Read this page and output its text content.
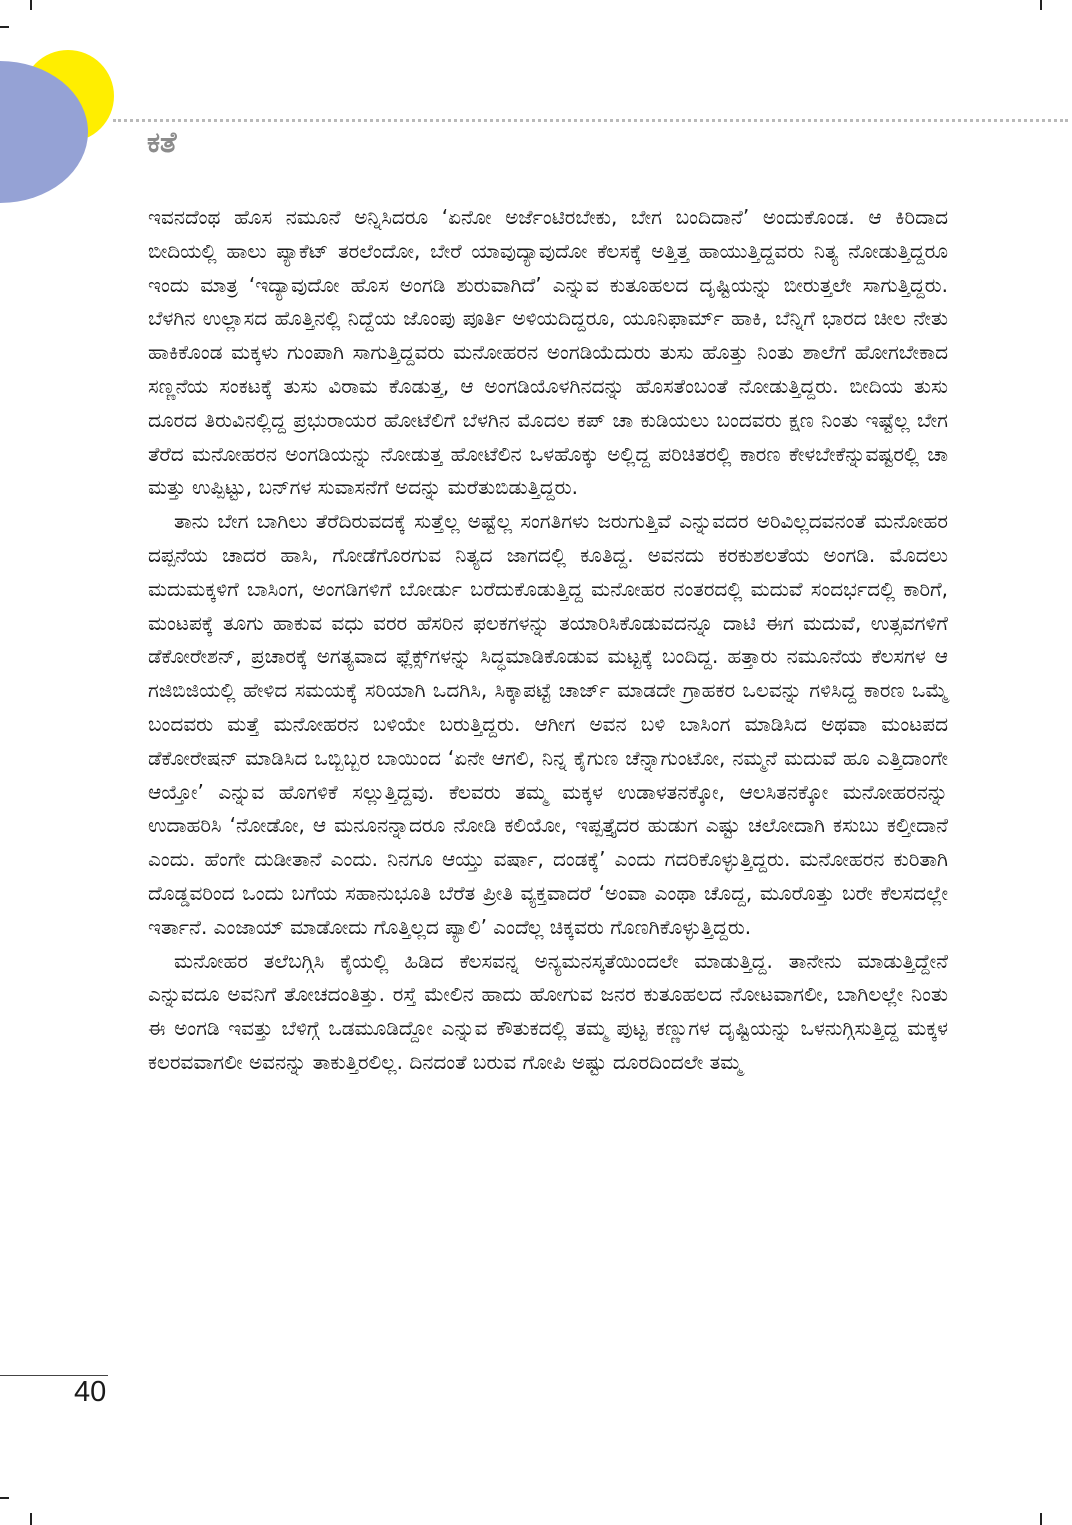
ಕತೆ

ಇವನದೆಂಥ ಹೊಸ ನಮೂನೆ ಅನ್ನಿಸಿದರೂ ‘ಏನೋ ಅರ್ಜೆಂಟಿರಬೇಕು, ಬೇಗ ಬಂದಿದಾನೆ’ ಅಂದುಕೊಂಡ. ಆ ಕಿರಿದಾದ ಬೀದಿಯಲ್ಲಿ ಹಾಲು ಪ್ಯಾಕೆಟ್ ತರಲೆಂದೋ, ಬೇರೆ ಯಾವುದ್ಯಾವುದೋ ಕೆಲಸಕ್ಕೆ ಅತ್ತಿತ್ತ ಹಾಯುತ್ತಿದ್ದವರು ನಿತ್ಯ ನೋಡುತ್ತಿದ್ದರೂ ಇಂದು ಮಾತ್ರ ‘ಇದ್ಯಾವುದೋ ಹೊಸ ಅಂಗಡಿ ಶುರುವಾಗಿದೆ’ ಎನ್ನುವ ಕುತೂಹಲದ ದೃಷ್ಟಿಯನ್ನು ಬೀರುತ್ತಲೇ ಸಾಗುತ್ತಿದ್ದರು. ಬೆಳಗಿನ ಉಲ್ಲಾಸದ ಹೊತ್ತಿನಲ್ಲಿ ನಿದ್ದೆಯ ಜೊಂಪು ಪೂರ್ತಿ ಅಳಿಯದಿದ್ದರೂ, ಯೂನಿಫಾರ್ಮ್ ಹಾಕಿ, ಬೆನ್ನಿಗೆ ಭಾರದ ಚೀಲ ನೇತು ಹಾಕಿಕೊಂಡ ಮಕ್ಕಳು ಗುಂಪಾಗಿ ಸಾಗುತ್ತಿದ್ದವರು ಮನೋಹರನ ಅಂಗಡಿಯೆದುರು ತುಸು ಹೊತ್ತು ನಿಂತು ಶಾಲೆಗೆ ಹೋಗಬೇಕಾದ ಸಣ್ಣನೆಯ ಸಂಕಟಕ್ಕೆ ತುಸು ವಿರಾಮ ಕೊಡುತ್ತ, ಆ ಅಂಗಡಿಯೊಳಗಿನದನ್ನು ಹೊಸತೆಂಬಂತೆ ನೋಡುತ್ತಿದ್ದರು. ಬೀದಿಯ ತುಸು ದೂರದ ತಿರುವಿನಲ್ಲಿದ್ದ ಪ್ರಭುರಾಯರ ಹೋಟೆಲಿಗೆ ಬೆಳಗಿನ ಮೊದಲ ಕಪ್ ಚಾ ಕುಡಿಯಲು ಬಂದವರು ಕ್ಷಣ ನಿಂತು ಇಷ್ಟೆಲ್ಲ ಬೇಗ ತೆರೆದ ಮನೋಹರನ ಅಂಗಡಿಯನ್ನು ನೋಡುತ್ತ ಹೋಟೆಲಿನ ಒಳಹೊಕ್ಕು ಅಲ್ಲಿದ್ದ ಪರಿಚಿತರಲ್ಲಿ ಕಾರಣ ಕೇಳಬೇಕೆನ್ನುವಷ್ಟರಲ್ಲಿ ಚಾ ಮತ್ತು ಉಪ್ಪಿಟ್ಟು, ಬನ್‌ಗಳ ಸುವಾಸನೆಗೆ ಅದನ್ನು ಮರೆತುಬಿಡುತ್ತಿದ್ದರು.

ತಾನು ಬೇಗ ಬಾಗಿಲು ತೆರೆದಿರುವದಕ್ಕೆ ಸುತ್ತೆಲ್ಲ ಅಷ್ಟೆಲ್ಲ ಸಂಗತಿಗಳು ಜರುಗುತ್ತಿವೆ ಎನ್ನುವದರ ಅರಿವಿಲ್ಲದವನಂತೆ ಮನೋಹರ ದಪ್ಪನೆಯ ಚಾದರ ಹಾಸಿ, ಗೋಡೆಗೊರಗುವ ನಿತ್ಯದ ಜಾಗದಲ್ಲಿ ಕೂತಿದ್ದ. ಅವನದು ಕರಕುಶಲತೆಯ ಅಂಗಡಿ. ಮೊದಲು ಮದುಮಕ್ಕಳಿಗೆ ಬಾಸಿಂಗ, ಅಂಗಡಿಗಳಿಗೆ ಬೋರ್ಡು ಬರೆದುಕೊಡುತ್ತಿದ್ದ ಮನೋಹರ ನಂತರದಲ್ಲಿ ಮದುವೆ ಸಂದರ್ಭದಲ್ಲಿ ಕಾರಿಗೆ, ಮಂಟಪಕ್ಕೆ ತೂಗು ಹಾಕುವ ವಧು ವರರ ಹೆಸರಿನ ಫಲಕಗಳನ್ನು ತಯಾರಿಸಿಕೊಡುವದನ್ನೂ ದಾಟಿ ಈಗ ಮದುವೆ, ಉತ್ಸವಗಳಿಗೆ ಡೆಕೋರೇಶನ್, ಪ್ರಚಾರಕ್ಕೆ ಅಗತ್ಯವಾದ ಫ್ಲೆಕ್ಸ್‌ಗಳನ್ನು ಸಿದ್ಧಮಾಡಿಕೊಡುವ ಮಟ್ಟಕ್ಕೆ ಬಂದಿದ್ದ. ಹತ್ತಾರು ನಮೂನೆಯ ಕೆಲಸಗಳ ಆ ಗಜಿಬಿಜಿಯಲ್ಲಿ ಹೇಳಿದ ಸಮಯಕ್ಕೆ ಸರಿಯಾಗಿ ಒದಗಿಸಿ, ಸಿಕ್ಕಾಪಟ್ಟೆ ಚಾರ್ಜ್ ಮಾಡದೇ ಗ್ರಾಹಕರ ಒಲವನ್ನು ಗಳಿಸಿದ್ದ ಕಾರಣ ಒಮ್ಮೆ ಬಂದವರು ಮತ್ತೆ ಮನೋಹರನ ಬಳಿಯೇ ಬರುತ್ತಿದ್ದರು. ಆಗೀಗ ಅವನ ಬಳಿ ಬಾಸಿಂಗ ಮಾಡಿಸಿದ ಅಥವಾ ಮಂಟಪದ ಡೆಕೋರೇಷನ್ ಮಾಡಿಸಿದ ಒಬ್ಬಿಬ್ಬರ ಬಾಯಿಂದ ‘ಏನೇ ಆಗಲಿ, ನಿನ್ನ ಕೈಗುಣ ಚೆನ್ನಾಗುಂಟೋ, ನಮ್ಮನೆ ಮದುವೆ ಹೂ ಎತ್ತಿದಾಂಗೇ ಆಯ್ತೋ’ ಎನ್ನುವ ಹೊಗಳಿಕೆ ಸಲ್ಲುತ್ತಿದ್ದವು. ಕೆಲವರು ತಮ್ಮ ಮಕ್ಕಳ ಉಡಾಳತನಕ್ಕೋ, ಆಲಸಿತನಕ್ಕೋ ಮನೋಹರನನ್ನು ಉದಾಹರಿಸಿ ‘ನೋಡೋ, ಆ ಮನೂನನ್ನಾದರೂ ನೋಡಿ ಕಲಿಯೋ, ಇಪ್ಪತ್ತೈದರ ಹುಡುಗ ಎಷ್ಟು ಚಲೋದಾಗಿ ಕಸುಬು ಕಲ್ತೀದಾನೆ ಎಂದು. ಹೆಂಗೇ ದುಡೀತಾನೆ ಎಂದು. ನಿನಗೂ ಆಯ್ತು ವರ್ಷಾ, ದಂಡಕ್ಕೆ’ ಎಂದು ಗದರಿಕೊಳ್ಳುತ್ತಿದ್ದರು. ಮನೋಹರನ ಕುರಿತಾಗಿ ದೊಡ್ಡವರಿಂದ ಒಂದು ಬಗೆಯ ಸಹಾನುಭೂತಿ ಬೆರೆತ ಪ್ರೀತಿ ವ್ಯಕ್ತವಾದರೆ ‘ಅಂವಾ ಎಂಥಾ ಚೊದ್ದ, ಮೂರೊತ್ತು ಬರೇ ಕೆಲಸದಲ್ಲೇ ಇರ್ತಾನೆ. ಎಂಜಾಯ್ ಮಾಡೋದು ಗೊತ್ತಿಲ್ಲದ ಪ್ಯಾಲಿ’ ಎಂದೆಲ್ಲ ಚಿಕ್ಕವರು ಗೊಣಗಿಕೊಳ್ಳುತ್ತಿದ್ದರು.

ಮನೋಹರ ತಲೆಬಗ್ಗಿಸಿ ಕೈಯಲ್ಲಿ ಹಿಡಿದ ಕೆಲಸವನ್ನ ಅನ್ಯಮನಸ್ಕತೆಯಿಂದಲೇ ಮಾಡುತ್ತಿದ್ದ. ತಾನೇನು ಮಾಡುತ್ತಿದ್ದೇನೆ ಎನ್ನುವದೂ ಅವನಿಗೆ ತೋಚದಂತಿತ್ತು. ರಸ್ತೆ ಮೇಲಿನ ಹಾದು ಹೋಗುವ ಜನರ ಕುತೂಹಲದ ನೋಟವಾಗಲೀ, ಬಾಗಿಲಲ್ಲೇ ನಿಂತು ಈ ಅಂಗಡಿ ಇವತ್ತು ಬೆಳಿಗ್ಗೆ ಒಡಮೂಡಿದ್ದೋ ಎನ್ನುವ ಕೌತುಕದಲ್ಲಿ ತಮ್ಮ ಪುಟ್ಟ ಕಣ್ಣುಗಳ ದೃಷ್ಟಿಯನ್ನು ಒಳನುಗ್ಗಿಸುತ್ತಿದ್ದ ಮಕ್ಕಳ ಕಲರವವಾಗಲೀ ಅವನನ್ನು ತಾಕುತ್ತಿರಲಿಲ್ಲ. ದಿನದಂತೆ ಬರುವ ಗೋಪಿ ಅಷ್ಟು ದೂರದಿಂದಲೇ ತಮ್ಮ

40
